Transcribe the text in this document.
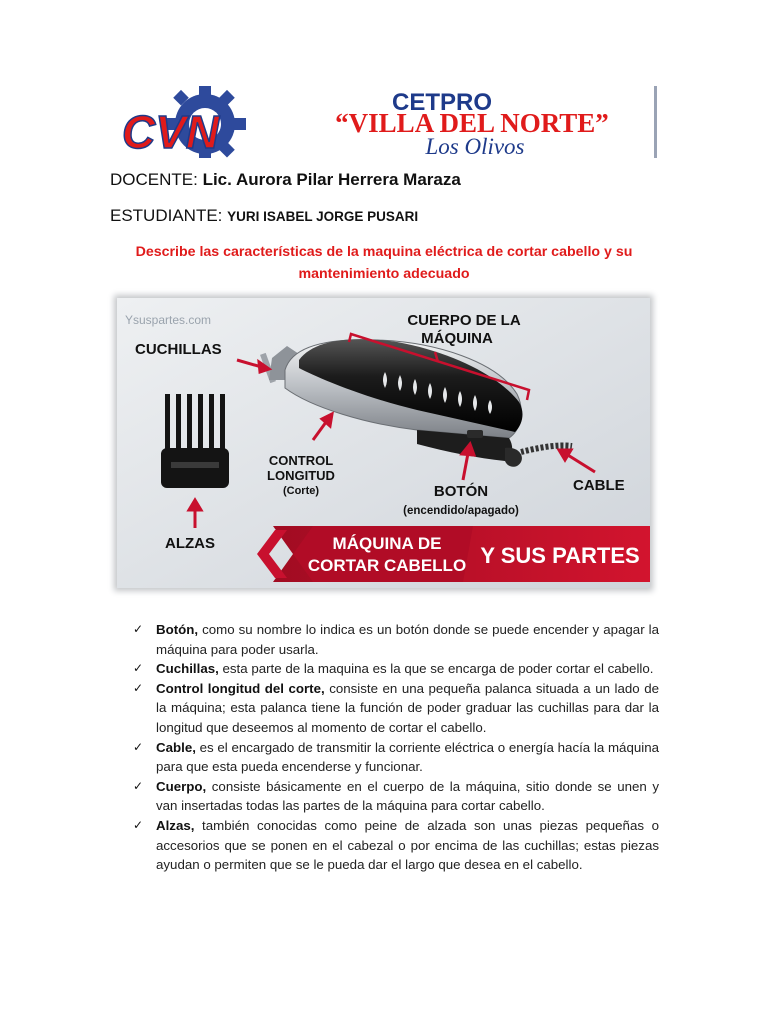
CVN
CETPRO
“VILLA DEL NORTE”
Los Olivos
DOCENTE: Lic. Aurora Pilar Herrera Maraza
ESTUDIANTE: YURI ISABEL JORGE PUSARI
Describe las características de la maquina eléctrica de cortar cabello y su
mantenimiento adecuado
Ysuspartes.com
CUCHILLAS
CUERPO DE LA
MÁQUINA
CONTROL
LONGITUD
(Corte)	BOTÓN
(encendido/apagado)
CABLE
ALZAS	MÁQUINA DE
CORTAR CABELLO Y SUS PARTES
✓ Botón, como su nombre lo indica es un botón donde se puede encender y apagar la máquina para poder usarla.
✓ Cuchillas, esta parte de la maquina es la que se encarga de poder cortar el cabello.
✓ Control longitud del corte, consiste en una pequeña palanca situada a un lado de la máquina; esta palanca tiene la función de poder graduar las cuchillas para dar la longitud que deseemos al momento de cortar el cabello.
✓ Cable, es el encargado de transmitir la corriente eléctrica o energía hacía la máquina para que esta pueda encenderse y funcionar.
✓ Cuerpo, consiste básicamente en el cuerpo de la máquina, sitio donde se unen y van insertadas todas las partes de la máquina para cortar cabello.
✓ Alzas, también conocidas como peine de alzada son unas piezas pequeñas o accesorios que se ponen en el cabezal o por encima de las cuchillas; estas piezas ayudan o permiten que se le pueda dar el largo que desea en el cabello.
